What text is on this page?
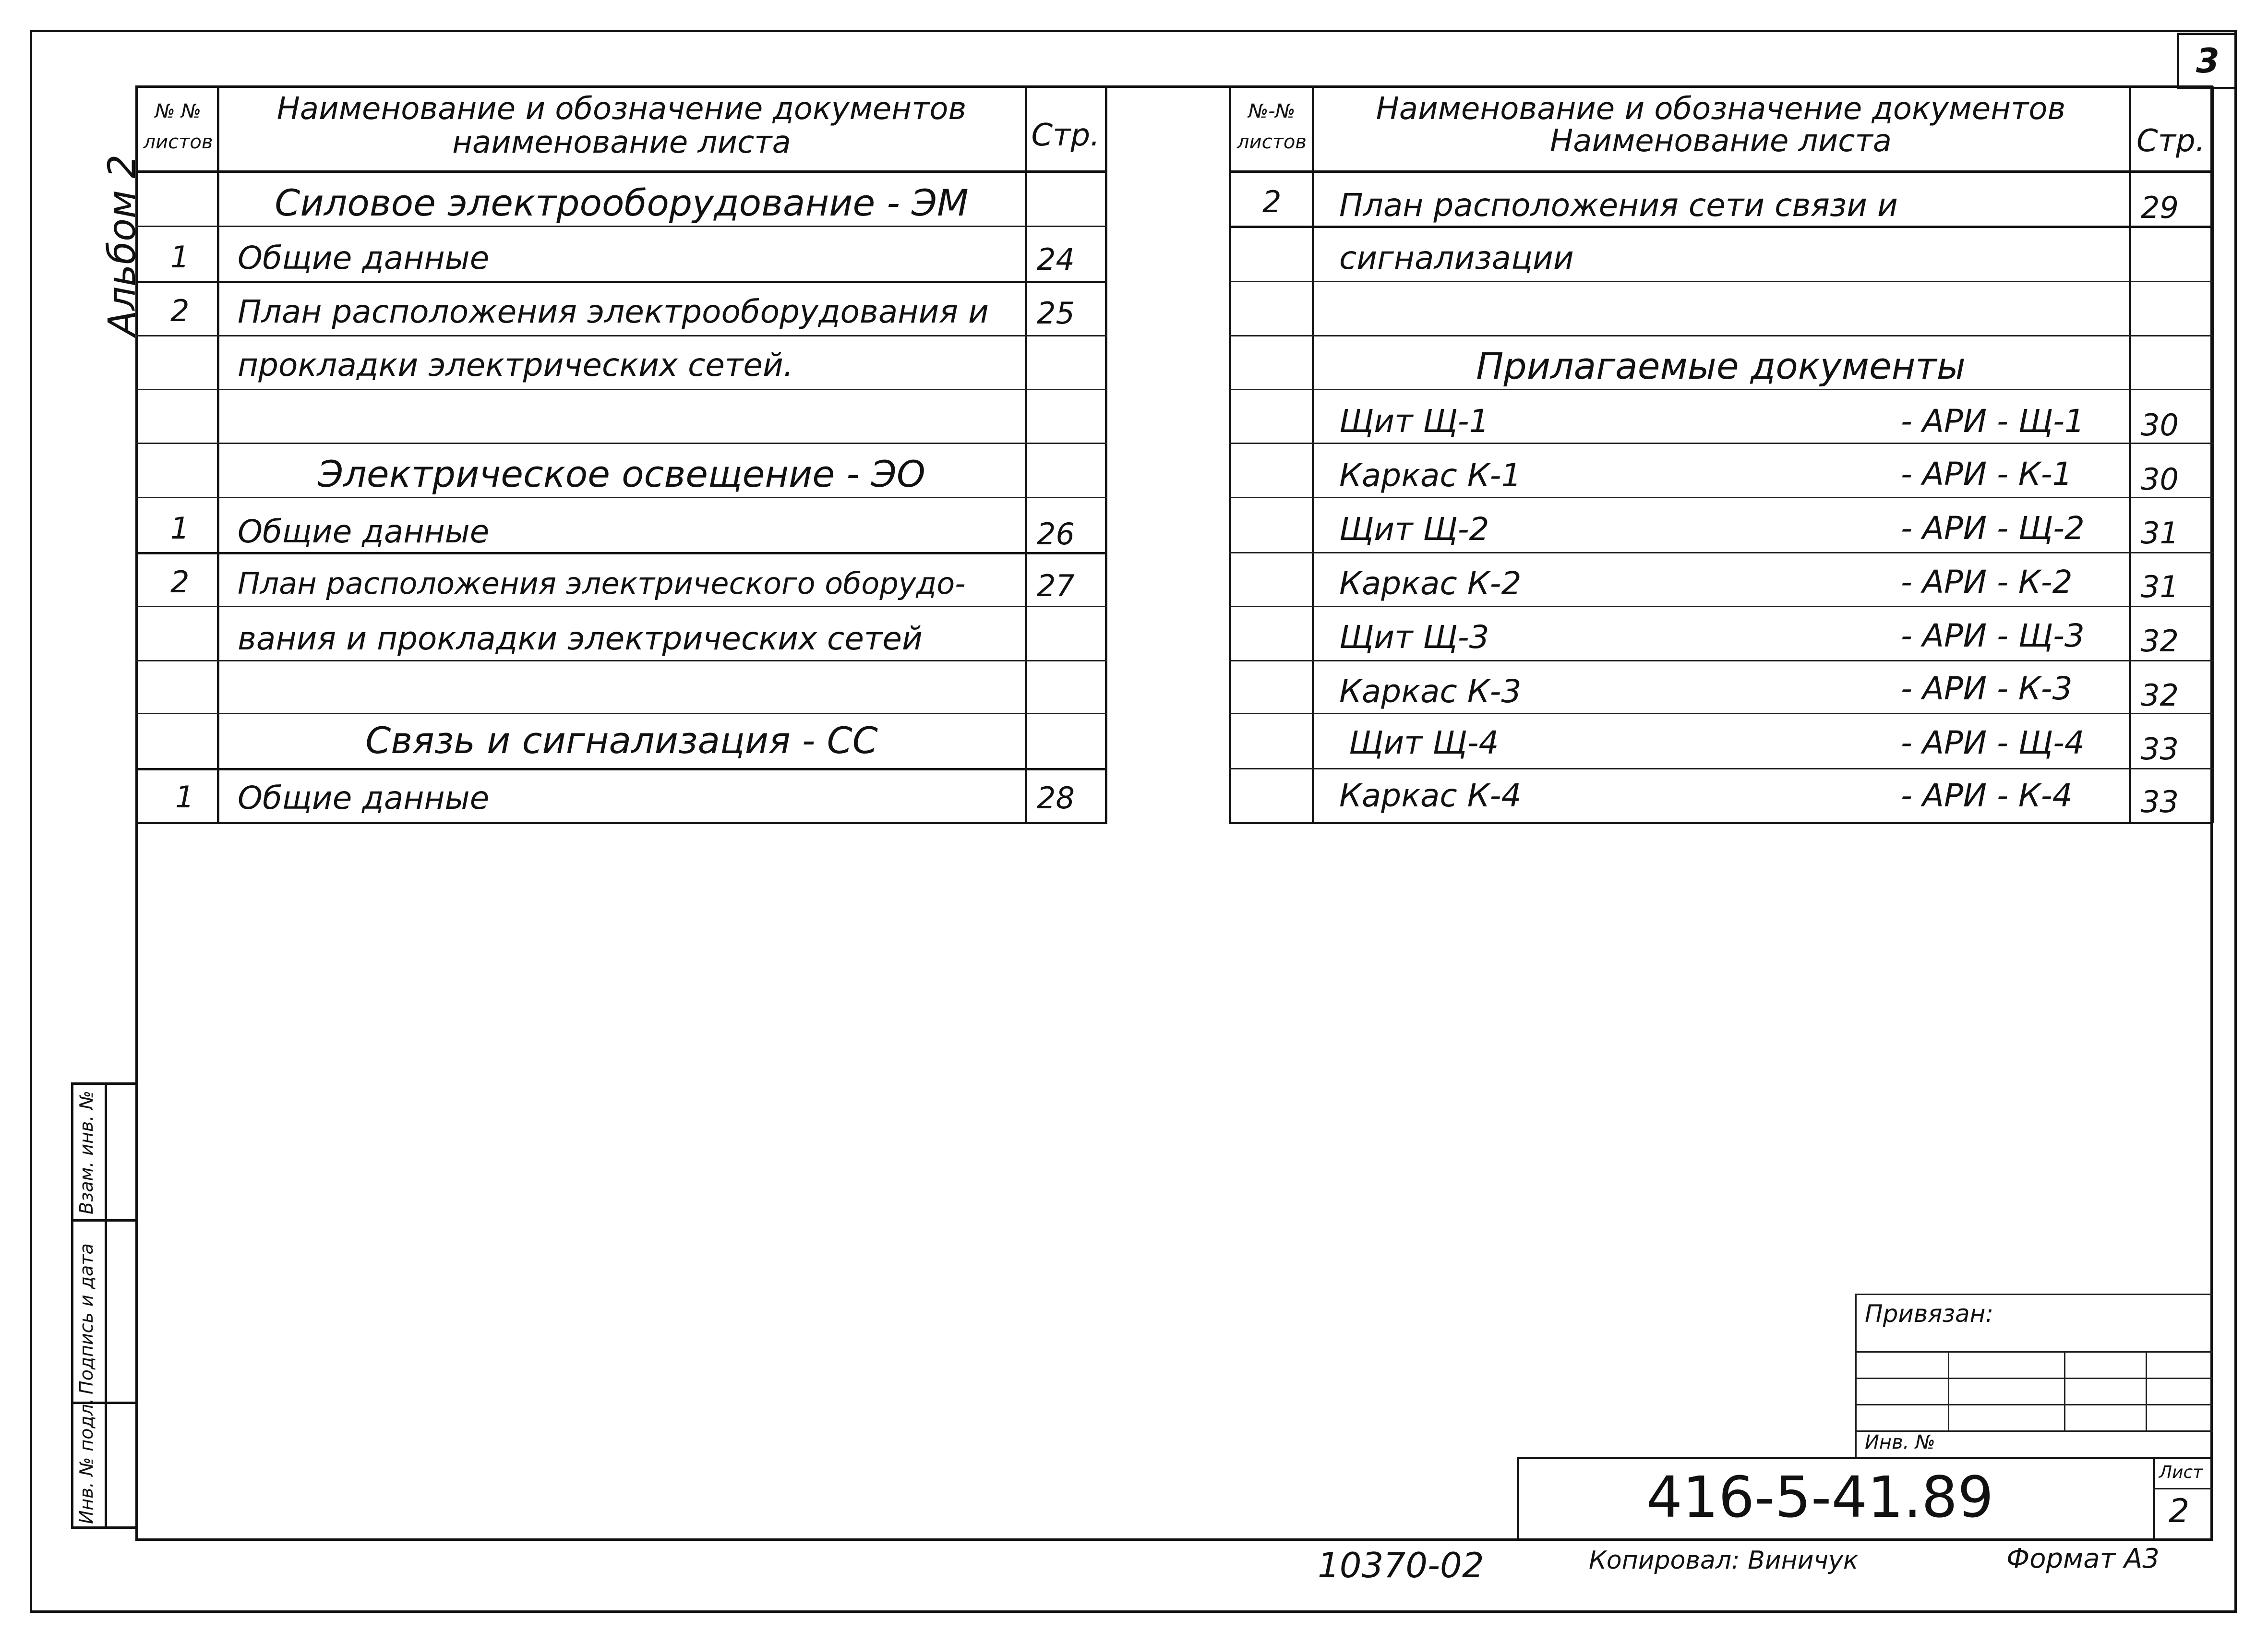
3
Альбом 2
№ № листов
Наименование и обозначение документов
наименование листа	Стр.
Силовое электрооборудование - ЭМ
1 Общие данные	24
2 План расположения электрооборудования и 25
прокладки электрических сетей.
Электрическое освещение - ЭО
1 Общие данные	26
2 План расположения электрического оборудо- 27
вания и прокладки электрических сетей
Связь и сигнализация - СС
1 Общие данные	28
№-№ листов
Наименование и обозначение документов
Наименование листа	Стр.
2 План расположения сети связи и	29
сигнализации
Прилагаемые документы
Щит Щ-1	- АРИ - Щ-1 30
Каркас К-1	- АРИ - К-1 30
Щит Щ-2	- АРИ - Щ-2 31
Каркас К-2	- АРИ - К-2 31
Щит Щ-3	- АРИ - Щ-3 32
Каркас К-3	- АРИ - К-3 32
Щит Щ-4	- АРИ - Щ-4 33
Каркас К-4	- АРИ - К-4 33
Инв. № подл.
Подпись и дата
Взам. инв. №
Привязан:
Инв. №
416-5-41.89	Лист
2
10370-02	Копировал: Виничук	Формат А3
